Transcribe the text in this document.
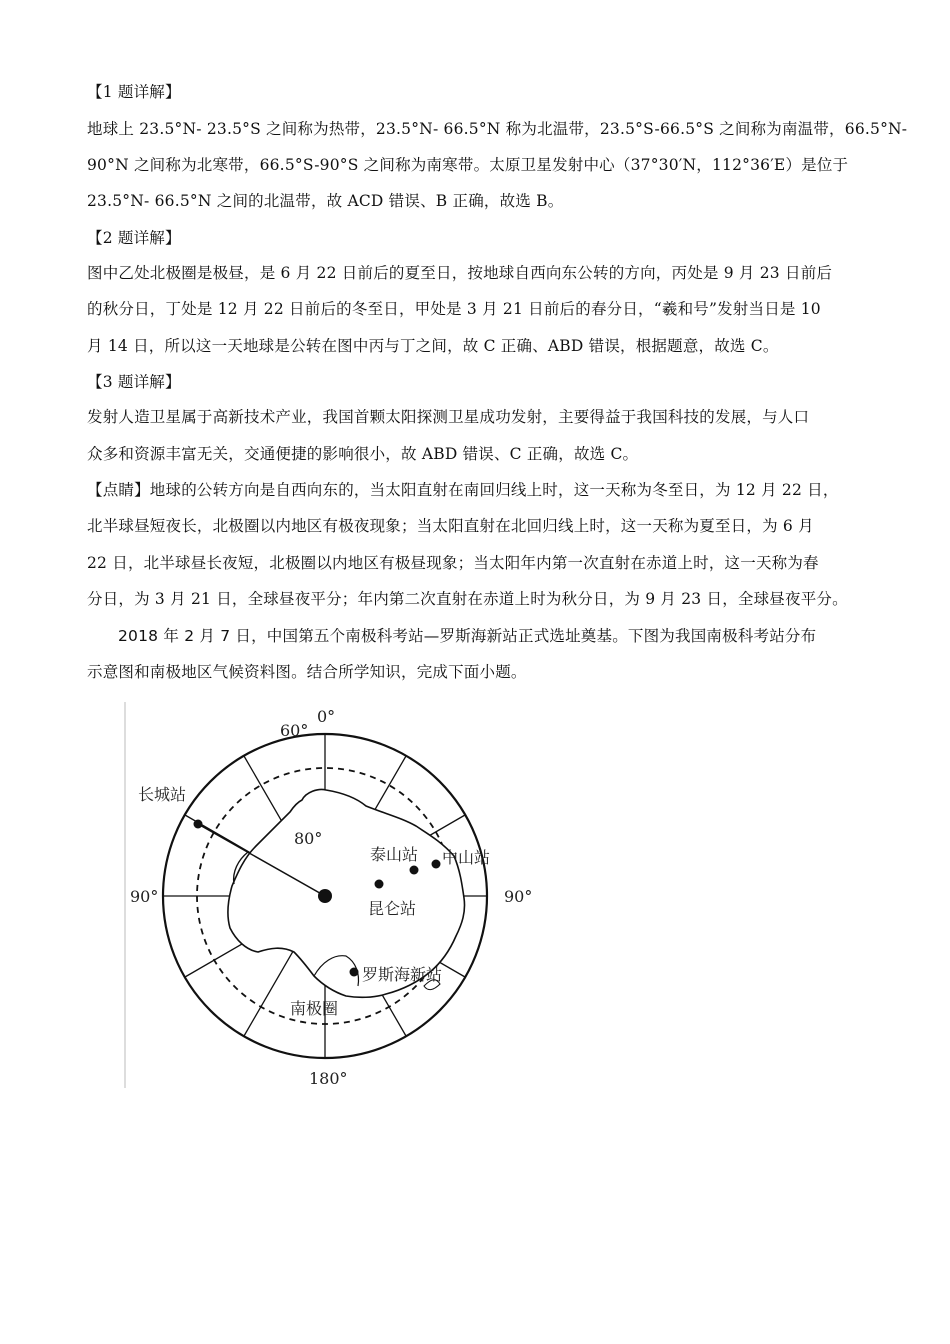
【1 题详解】
地球上 23.5°N- 23.5°S 之间称为热带，23.5°N- 66.5°N 称为北温带，23.5°S-66.5°S 之间称为南温带，66.5°N-
90°N 之间称为北寒带，66.5°S-90°S 之间称为南寒带。太原卫星发射中心（37°30′N，112°36′E）是位于
23.5°N- 66.5°N 之间的北温带，故 ACD 错误、B 正确，故选 B。
【2 题详解】
图中乙处北极圈是极昼，是 6 月 22 日前后的夏至日，按地球自西向东公转的方向，丙处是 9 月 23 日前后
的秋分日，丁处是 12 月 22 日前后的冬至日，甲处是 3 月 21 日前后的春分日，“羲和号”发射当日是 10
月 14 日，所以这一天地球是公转在图中丙与丁之间，故 C 正确、ABD 错误，根据题意，故选 C。
【3 题详解】
发射人造卫星属于高新技术产业，我国首颗太阳探测卫星成功发射，主要得益于我国科技的发展，与人口
众多和资源丰富无关，交通便捷的影响很小，故 ABD 错误、C 正确，故选 C。
【点睛】地球的公转方向是自西向东的，当太阳直射在南回归线上时，这一天称为冬至日，为 12 月 22 日，
北半球昼短夜长，北极圈以内地区有极夜现象；当太阳直射在北回归线上时，这一天称为夏至日，为 6 月
22 日，北半球昼长夜短，北极圈以内地区有极昼现象；当太阳年内第一次直射在赤道上时，这一天称为春
分日，为 3 月 21 日，全球昼夜平分；年内第二次直射在赤道上时为秋分日，为 9 月 23 日，全球昼夜平分。
2018 年 2 月 7 日，中国第五个南极科考站—罗斯海新站正式选址奠基。下图为我国南极科考站分布
示意图和南极地区气候资料图。结合所学知识，完成下面小题。
0°
60°
80°
90°	90°
180°
长城站
泰山站 中山站
昆仑站
罗斯海新站
南极圈
